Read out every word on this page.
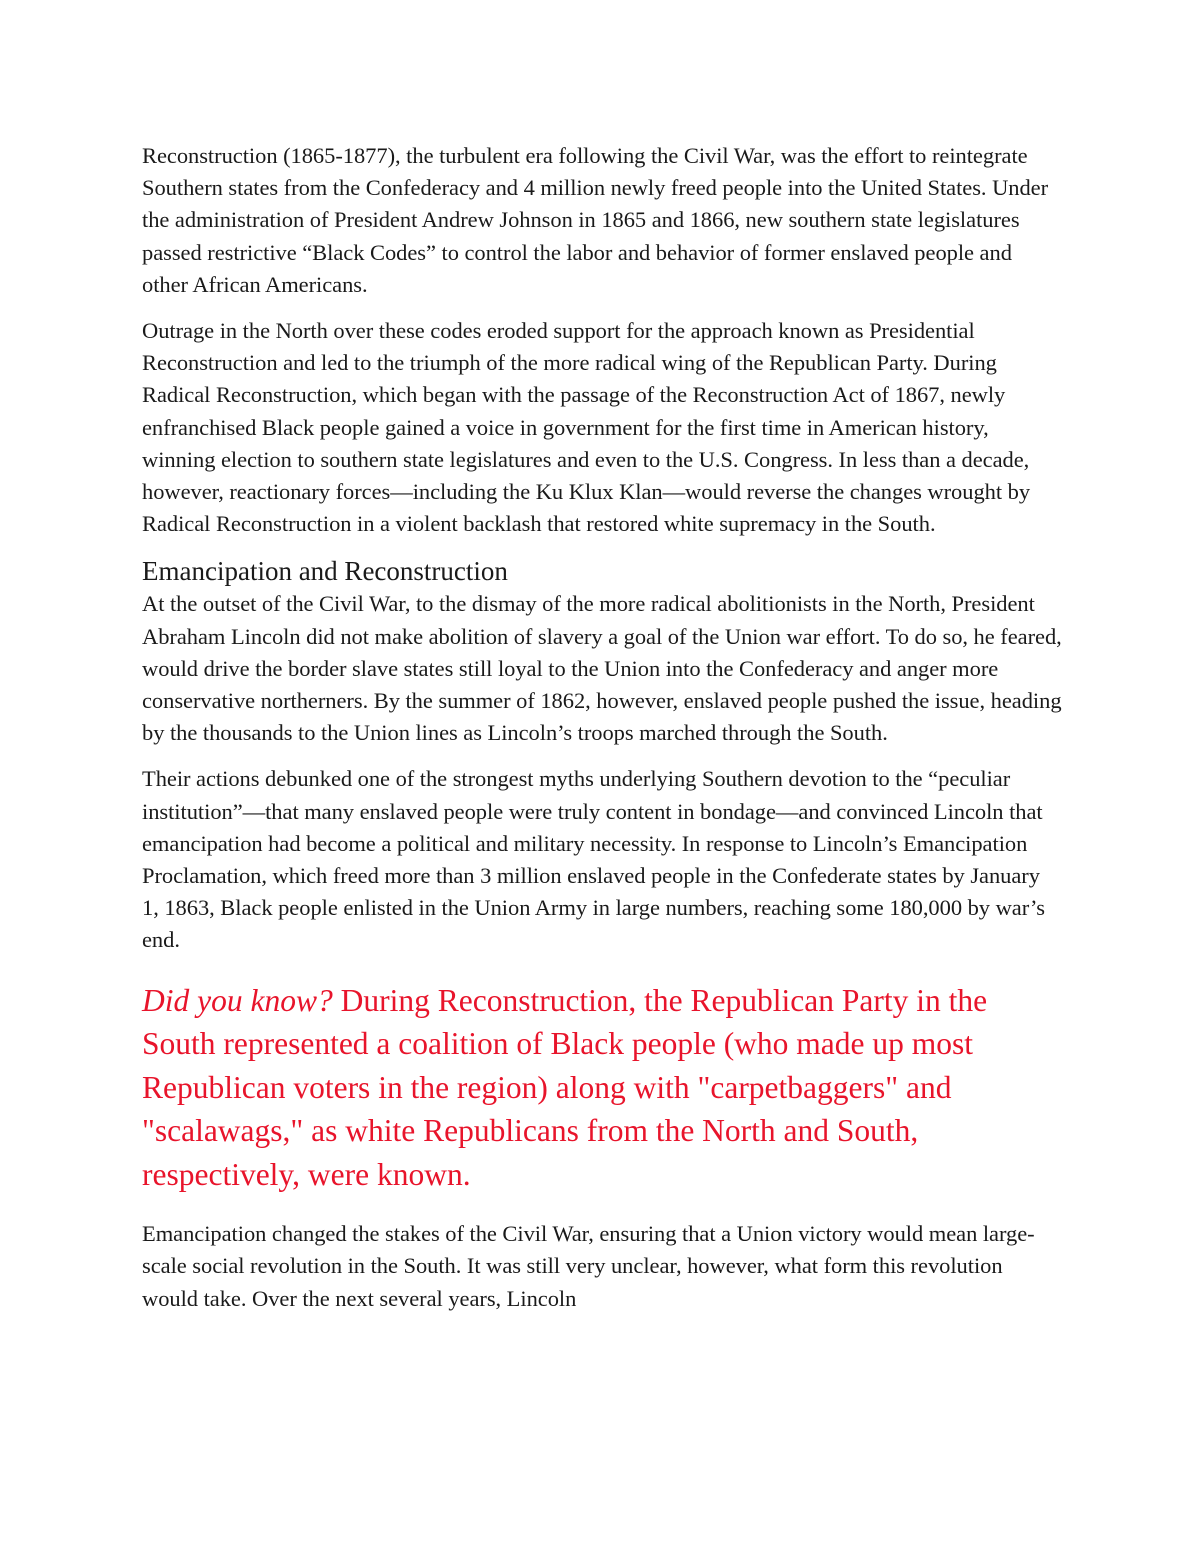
Reconstruction (1865-1877), the turbulent era following the Civil War, was the effort to reintegrate Southern states from the Confederacy and 4 million newly freed people into the United States. Under the administration of President Andrew Johnson in 1865 and 1866, new southern state legislatures passed restrictive “Black Codes” to control the labor and behavior of former enslaved people and other African Americans.

Outrage in the North over these codes eroded support for the approach known as Presidential Reconstruction and led to the triumph of the more radical wing of the Republican Party. During Radical Reconstruction, which began with the passage of the Reconstruction Act of 1867, newly enfranchised Black people gained a voice in government for the first time in American history, winning election to southern state legislatures and even to the U.S. Congress. In less than a decade, however, reactionary forces—including the Ku Klux Klan—would reverse the changes wrought by Radical Reconstruction in a violent backlash that restored white supremacy in the South.

Emancipation and Reconstruction

At the outset of the Civil War, to the dismay of the more radical abolitionists in the North, President Abraham Lincoln did not make abolition of slavery a goal of the Union war effort. To do so, he feared, would drive the border slave states still loyal to the Union into the Confederacy and anger more conservative northerners. By the summer of 1862, however, enslaved people pushed the issue, heading by the thousands to the Union lines as Lincoln’s troops marched through the South.

Their actions debunked one of the strongest myths underlying Southern devotion to the “peculiar institution”—that many enslaved people were truly content in bondage—and convinced Lincoln that emancipation had become a political and military necessity. In response to Lincoln’s Emancipation Proclamation, which freed more than 3 million enslaved people in the Confederate states by January 1, 1863, Black people enlisted in the Union Army in large numbers, reaching some 180,000 by war’s end.

Did you know? During Reconstruction, the Republican Party in the South represented a coalition of Black people (who made up most Republican voters in the region) along with "carpetbaggers" and "scalawags," as white Republicans from the North and South, respectively, were known.

Emancipation changed the stakes of the Civil War, ensuring that a Union victory would mean large-scale social revolution in the South. It was still very unclear, however, what form this revolution would take. Over the next several years, Lincoln
